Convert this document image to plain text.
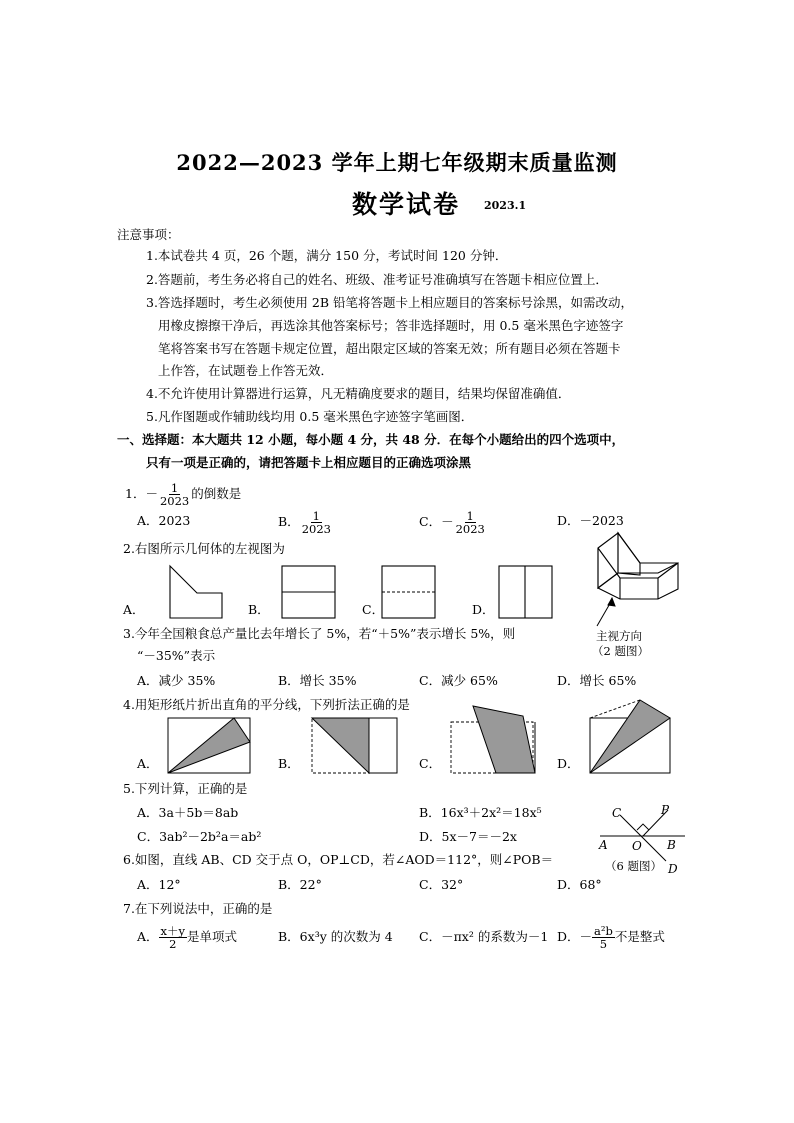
2022—2023 学年上期七年级期末质量监测
数学试卷 2023.1
注意事项：
1.本试卷共 4 页，26 个题，满分 150 分，考试时间 120 分钟．
2.答题前，考生务必将自己的姓名、班级、准考证号准确填写在答题卡相应位置上．
3.答选择题时，考生必须使用 2B 铅笔将答题卡上相应题目的答案标号涂黑，如需改动，
用橡皮擦擦干净后，再选涂其他答案标号；答非选择题时，用 0.5 毫米黑色字迹签字
笔将答案书写在答题卡规定位置，超出限定区域的答案无效；所有题目必须在答题卡
上作答，在试题卷上作答无效．
4.不允许使用计算器进行运算，凡无精确度要求的题目，结果均保留准确值．
5.凡作图题或作辅助线均用 0.5 毫米黑色字迹签字笔画图．
一、选择题：本大题共 12 小题，每小题 4 分，共 48 分．在每个小题给出的四个选项中，
只有一项是正确的，请把答题卡上相应题目的正确选项涂黑
1．－ $\frac{1}{2023}$ 的倒数是
A．2023	B． $\frac{1}{2023}$	C．－ $\frac{1}{2023}$	D．－2023
2.右图所示几何体的左视图为
A．	B．	C．	D．
主视方向
（2 题图）
3.今年全国粮食总产量比去年增长了 5%，若“＋5%”表示增长 5%，则
“－35%”表示
A．减少 35%	B．增长 35%	C．减少 65%	D．增长 65%
4.用矩形纸片折出直角的平分线，下列折法正确的是
A．	B．	C．	D．
5.下列计算，正确的是
A．3a＋5b＝8ab	B．16x³＋2x²＝18x⁵
C．3ab²－2b²a＝ab²	D．5x－7＝－2x
C	P
A O B
D
（6 题图）
6.如图，直线 AB、CD 交于点 O，OP⊥CD，若∠AOD＝112°，则∠POB＝
A．12°	B．22°	C．32°	D．68°
7.在下列说法中，正确的是
A． $\frac{x+y}{2}$ 是单项式	B．6x³y 的次数为 4 C．－πx² 的系数为－1 D．－ $\frac{\text{a²b}}{5}$ 不是整式
